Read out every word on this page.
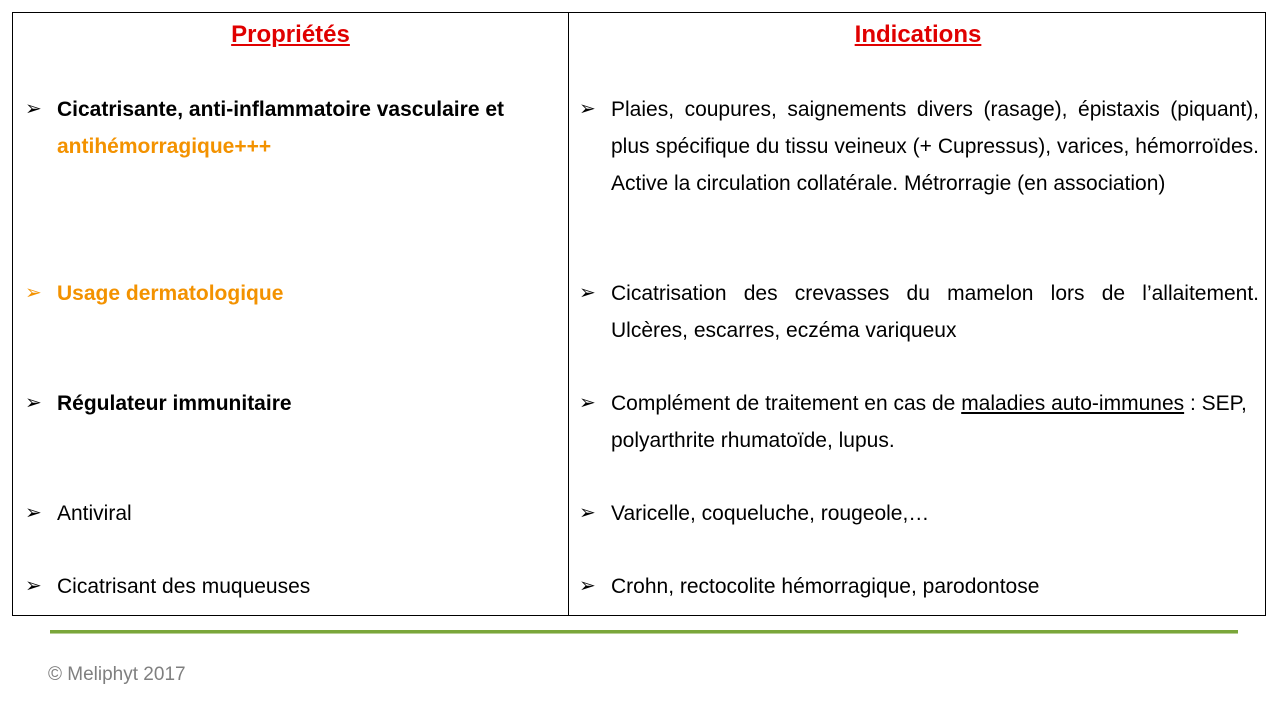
Propriétés	Indications
➢ Cicatrisante, anti-inflammatoire vasculaire et
antihémorragique+++
➢ Usage dermatologique
➢ Régulateur immunitaire
➢ Antiviral
➢ Cicatrisant des muqueuses
➢ Plaies, coupures, saignements divers (rasage), épistaxis (piquant), plus spécifique du tissu veineux (+ Cupressus), varices, hémorroïdes. Active la circulation collatérale. Métrorragie (en association)
➢ Cicatrisation des crevasses du mamelon lors de l’allaitement. Ulcères, escarres, eczéma variqueux
➢ Complément de traitement en cas de maladies auto-immunes : SEP, polyarthrite rhumatoïde, lupus.
➢ Varicelle, coqueluche, rougeole,…
➢ Crohn, rectocolite hémorragique, parodontose
© Meliphyt 2017
